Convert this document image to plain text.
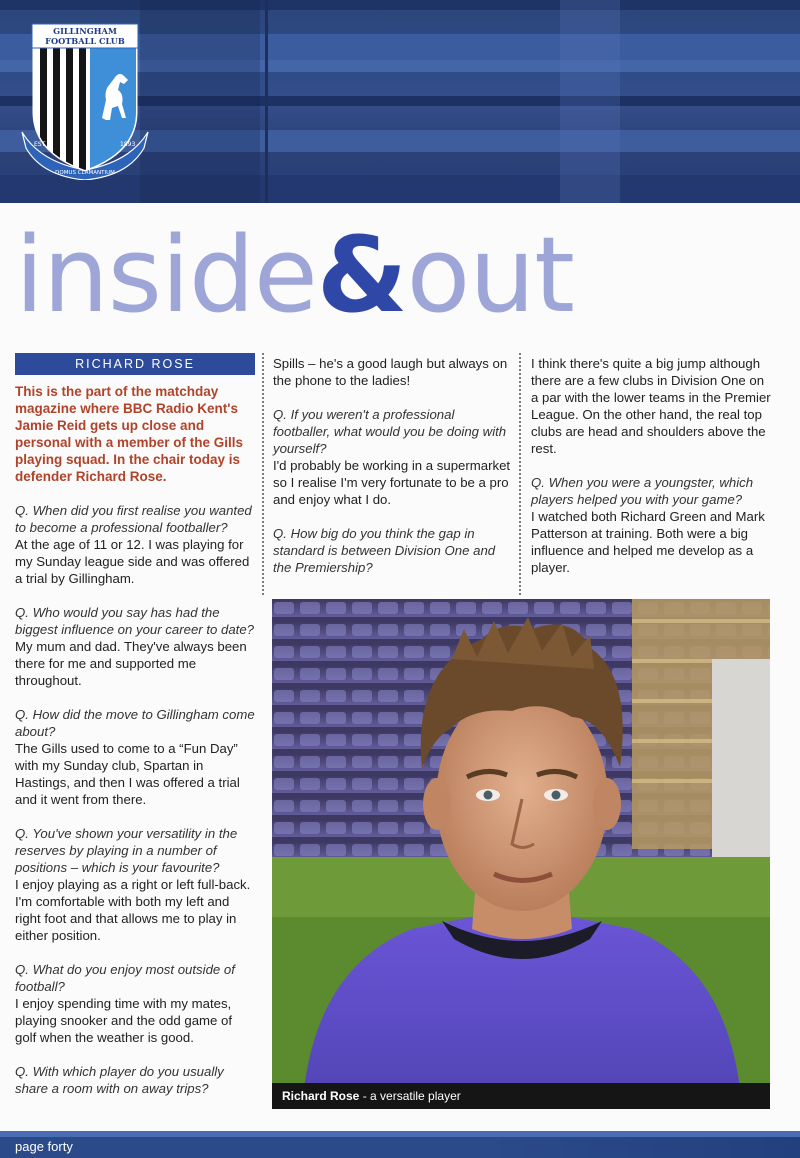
GILLINGHAM
FOOTBALL CLUB
EST	1893
DOMUS CLAMANTIUM
inside&out
RICHARD ROSE

This is the part of the matchday magazine where BBC Radio Kent's Jamie Reid gets up close and personal with a member of the Gills playing squad. In the chair today is defender Richard Rose.

Q. When did you first realise you wanted to become a professional footballer?

At the age of 11 or 12. I was playing for my Sunday league side and was offered a trial by Gillingham.

Q. Who would you say has had the biggest influence on your career to date?

My mum and dad. They've always been there for me and supported me throughout.

Q. How did the move to Gillingham come about?

The Gills used to come to a “Fun Day” with my Sunday club, Spartan in Hastings, and then I was offered a trial and it went from there.

Q. You've shown your versatility in the reserves by playing in a number of positions – which is your favourite?

I enjoy playing as a right or left full-back. I'm comfortable with both my left and right foot and that allows me to play in either position.

Q. What do you enjoy most outside of football?

I enjoy spending time with my mates, playing snooker and the odd game of golf when the weather is good.

Q. With which player do you usually share a room with on away trips?

Spills – he's a good laugh but always on the phone to the ladies!

Q. If you weren't a professional footballer, what would you be doing with yourself?

I'd probably be working in a supermarket so I realise I'm very fortunate to be a pro and enjoy what I do.

Q. How big do you think the gap in standard is between Division One and the Premiership?

I think there's quite a big jump although there are a few clubs in Division One on a par with the lower teams in the Premier League. On the other hand, the real top clubs are head and shoulders above the rest.

Q. When you were a youngster, which players helped you with your game?

I watched both Richard Green and Mark Patterson at training. Both were a big influence and helped me develop as a player.

Richard Rose - a versatile player
page forty
